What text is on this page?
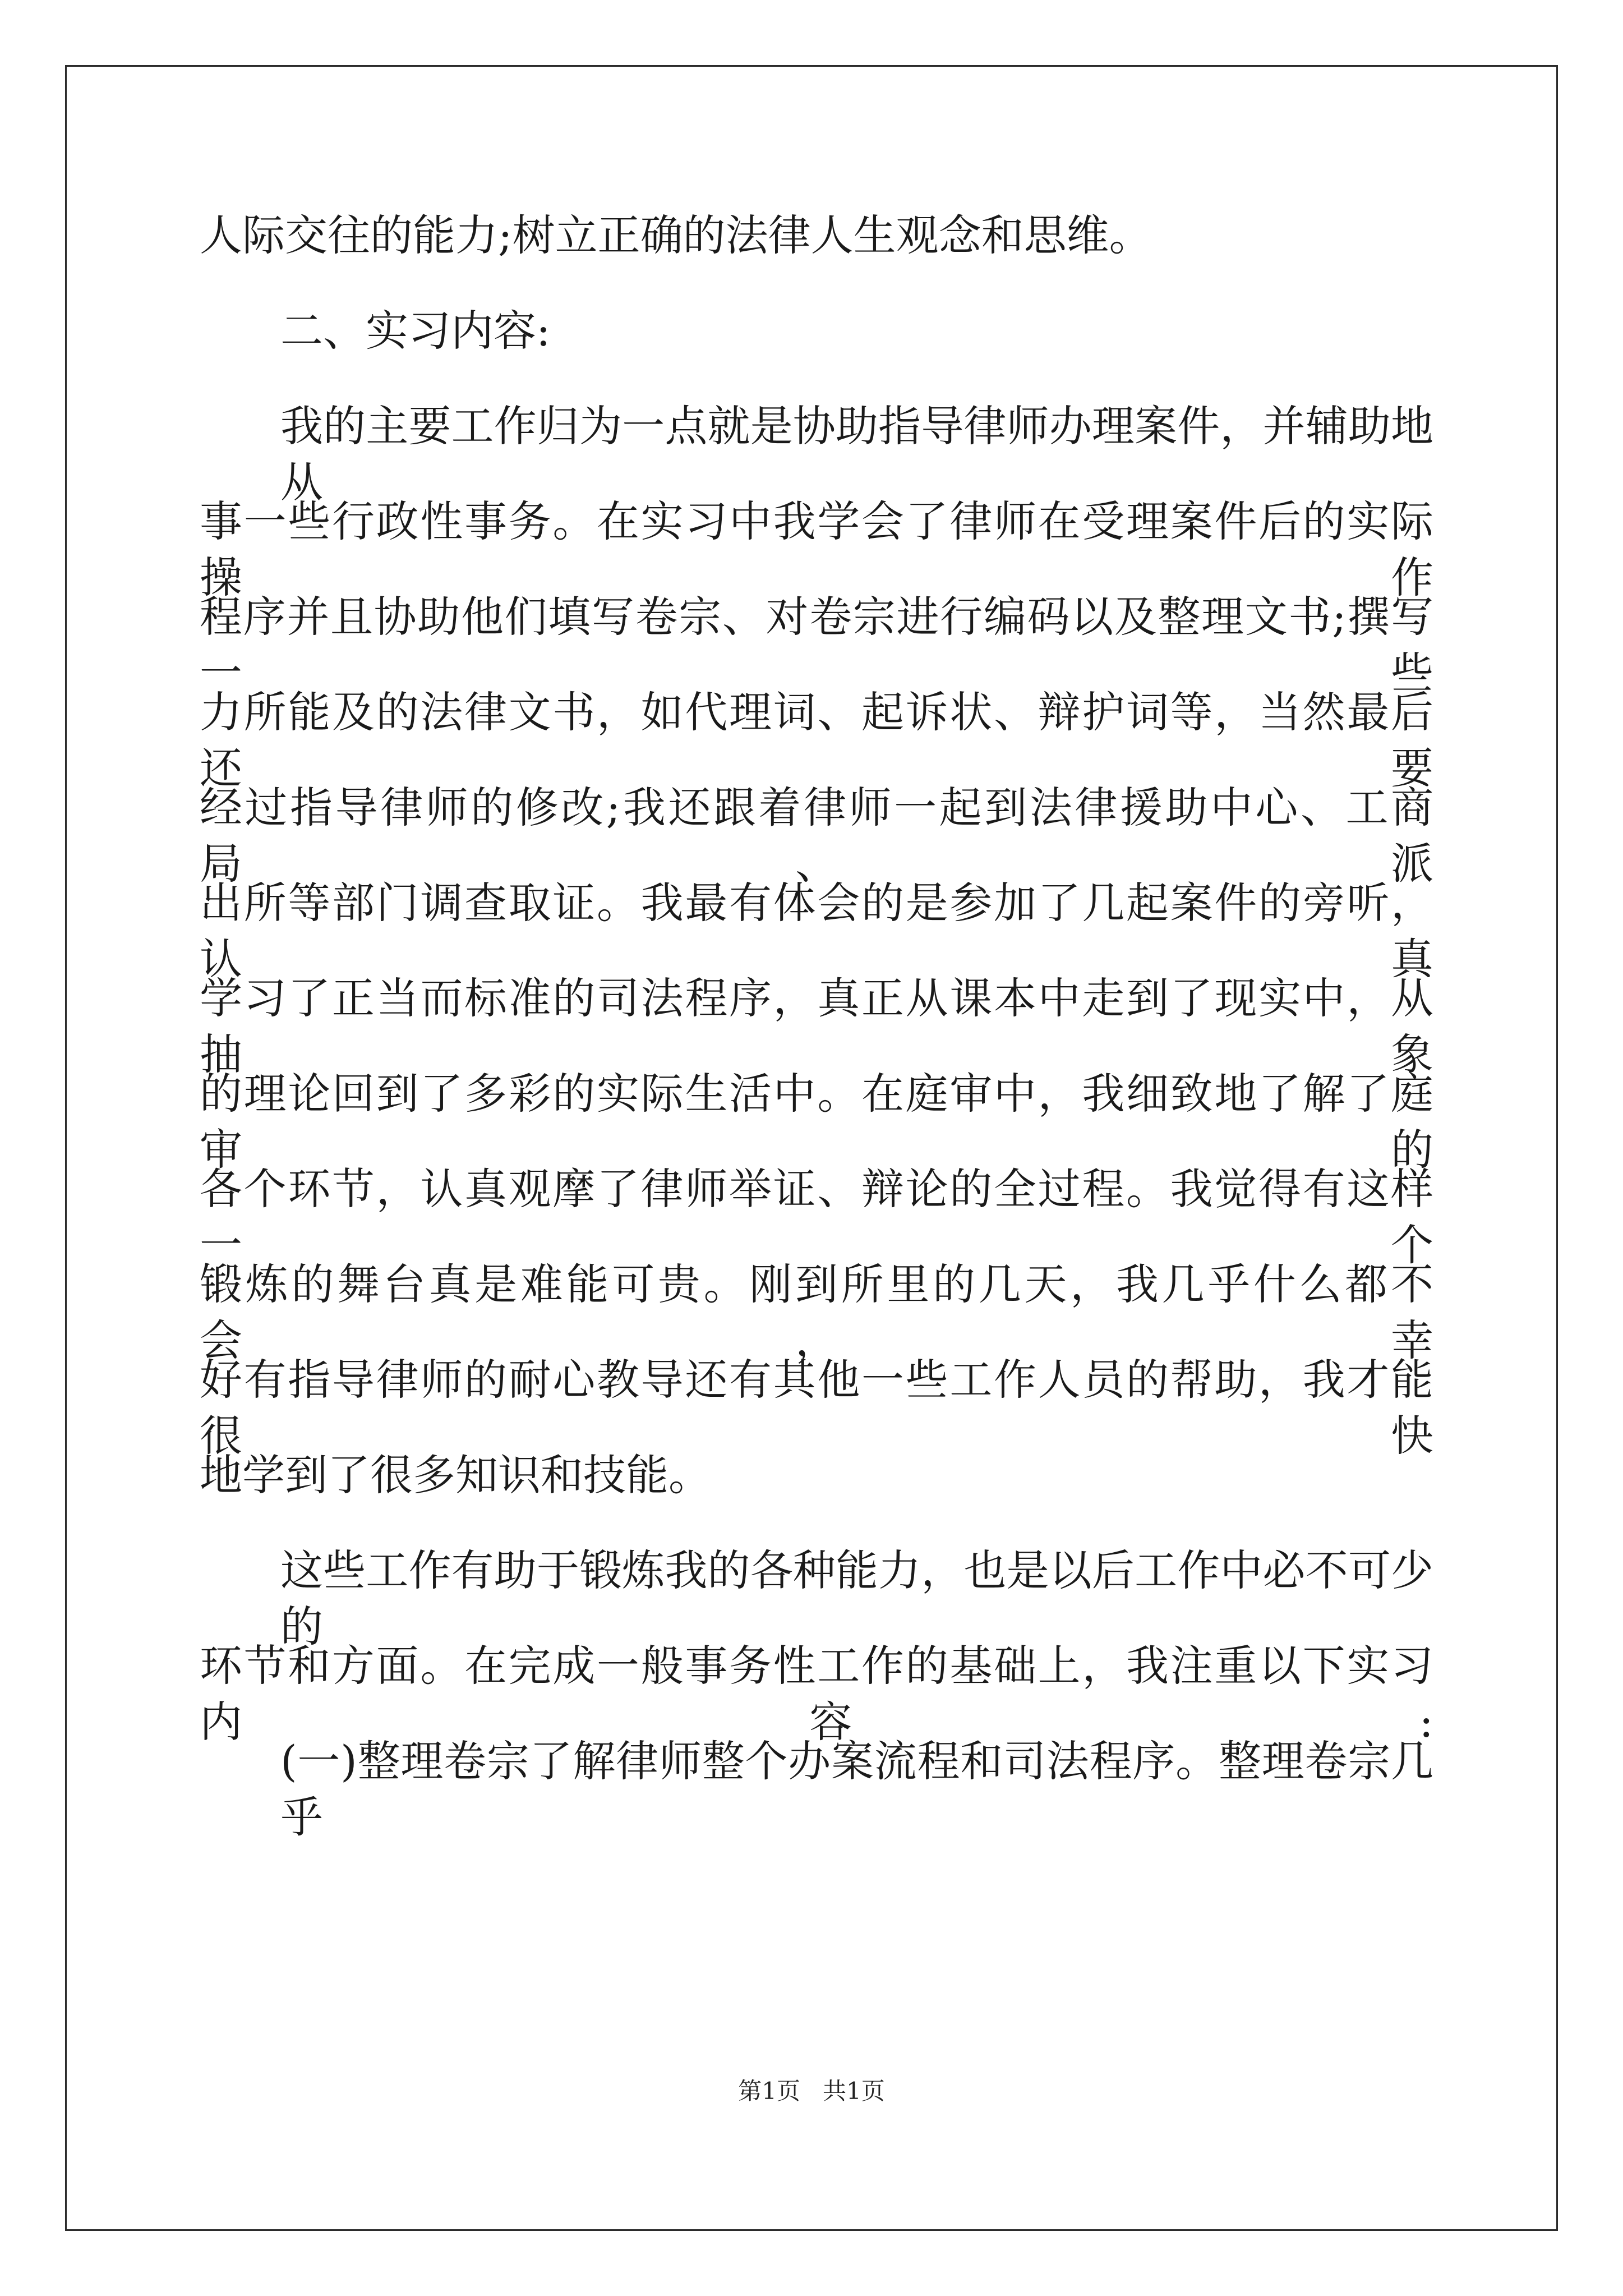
人际交往的能力;树立正确的法律人生观念和思维。
二、实习内容:
我的主要工作归为一点就是协助指导律师办理案件，并辅助地从
事一些行政性事务。在实习中我学会了律师在受理案件后的实际操作
程序并且协助他们填写卷宗、对卷宗进行编码以及整理文书;撰写一些
力所能及的法律文书，如代理词、起诉状、辩护词等，当然最后还要
经过指导律师的修改;我还跟着律师一起到法律援助中心、工商局、派
出所等部门调查取证。我最有体会的是参加了几起案件的旁听，认真
学习了正当而标准的司法程序，真正从课本中走到了现实中，从抽象
的理论回到了多彩的实际生活中。在庭审中，我细致地了解了庭审的
各个环节，认真观摩了律师举证、辩论的全过程。我觉得有这样一个
锻炼的舞台真是难能可贵。刚到所里的几天，我几乎什么都不会，幸
好有指导律师的耐心教导还有其他一些工作人员的帮助，我才能很快
地学到了很多知识和技能。
这些工作有助于锻炼我的各种能力，也是以后工作中必不可少的
环节和方面。在完成一般事务性工作的基础上，我注重以下实习内容:
(一)整理卷宗了解律师整个办案流程和司法程序。整理卷宗几乎
第1页   共1页
